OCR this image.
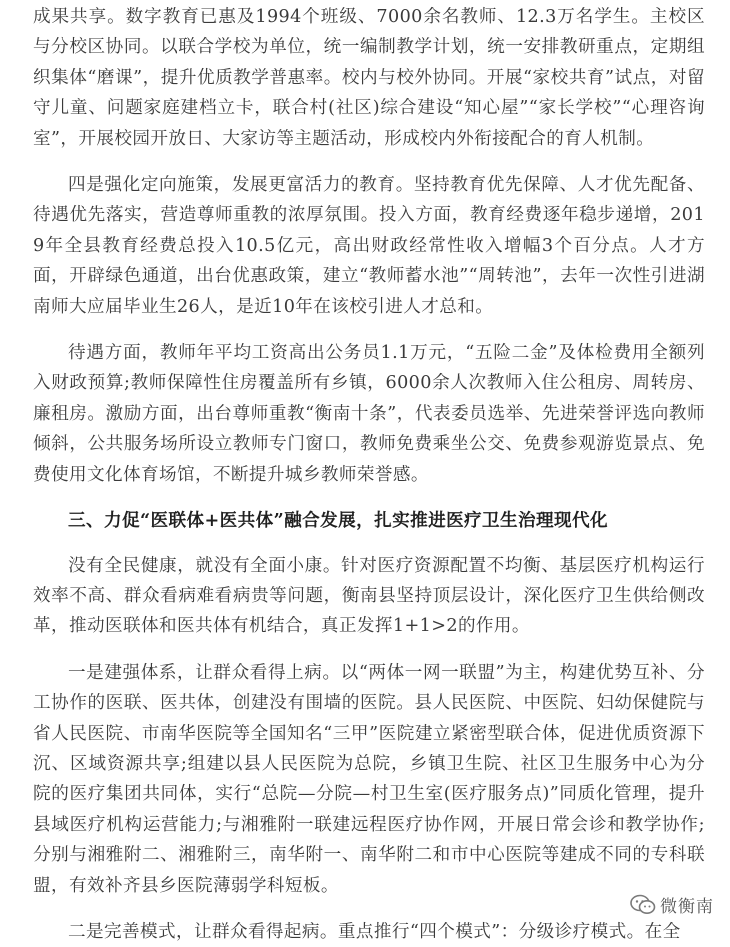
成果共享。数字教育已惠及1994个班级、7000余名教师、12.3万名学生。主校区与分校区协同。以联合学校为单位，统一编制教学计划，统一安排教研重点，定期组织集体“磨课”，提升优质教学普惠率。校内与校外协同。开展“家校共育”试点，对留守儿童、问题家庭建档立卡，联合村(社区)综合建设“知心屋”“家长学校”“心理咨询室”，开展校园开放日、大家访等主题活动，形成校内外衔接配合的育人机制。

四是强化定向施策，发展更富活力的教育。坚持教育优先保障、人才优先配备、待遇优先落实，营造尊师重教的浓厚氛围。投入方面，教育经费逐年稳步递增，2019年全县教育经费总投入10.5亿元，高出财政经常性收入增幅3个百分点。人才方面，开辟绿色通道，出台优惠政策，建立“教师蓄水池”“周转池”，去年一次性引进湖南师大应届毕业生26人，是近10年在该校引进人才总和。

待遇方面，教师年平均工资高出公务员1.1万元，“五险二金”及体检费用全额列入财政预算;教师保障性住房覆盖所有乡镇，6000余人次教师入住公租房、周转房、廉租房。激励方面，出台尊师重教“衡南十条”，代表委员选举、先进荣誉评选向教师倾斜，公共服务场所设立教师专门窗口，教师免费乘坐公交、免费参观游览景点、免费使用文化体育场馆，不断提升城乡教师荣誉感。

三、力促“医联体+医共体”融合发展，扎实推进医疗卫生治理现代化

没有全民健康，就没有全面小康。针对医疗资源配置不均衡、基层医疗机构运行效率不高、群众看病难看病贵等问题，衡南县坚持顶层设计，深化医疗卫生供给侧改革，推动医联体和医共体有机结合，真正发挥1+1>2的作用。

一是建强体系，让群众看得上病。以“两体一网一联盟”为主，构建优势互补、分工协作的医联、医共体，创建没有围墙的医院。县人民医院、中医院、妇幼保健院与省人民医院、市南华医院等全国知名“三甲”医院建立紧密型联合体，促进优质资源下沉、区域资源共享;组建以县人民医院为总院，乡镇卫生院、社区卫生服务中心为分院的医疗集团共同体，实行“总院—分院—村卫生室(医疗服务点)”同质化管理，提升县域医疗机构运营能力;与湘雅附一联建远程医疗协作网，开展日常会诊和教学协作;分别与湘雅附二、湘雅附三，南华附一、南华附二和市中心医院等建成不同的专科联盟，有效补齐县乡医院薄弱学科短板。

二是完善模式，让群众看得起病。重点推行“四个模式”：分级诊疗模式。在全

微衡南
